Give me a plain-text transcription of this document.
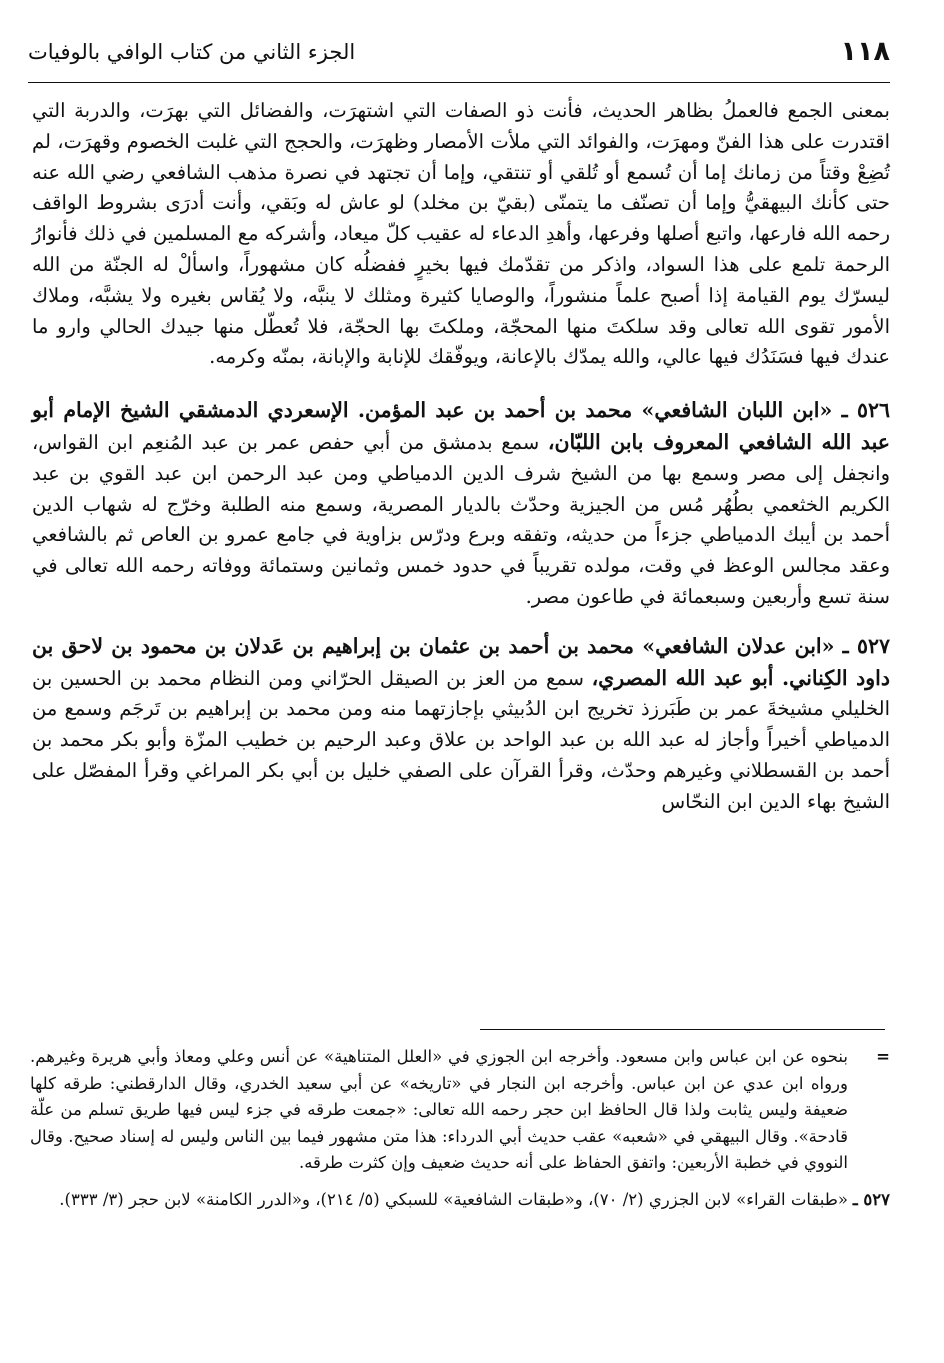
١١٨
الجزء الثاني من كتاب الوافي بالوفيات

بمعنى الجمع فالعملُ بظاهر الحديث، فأنت ذو الصفات التي اشتهرَت، والفضائل التي بهرَت، والدربة التي اقتدرت على هذا الفنّ ومهرَت، والفوائد التي ملأت الأمصار وظهرَت، والحجج التي غلبت الخصوم وقهرَت، لم تُضِعْ وقتاً من زمانك إما أن تُسمع أو تُلقي أو تنتقي، وإما أن تجتهد في نصرة مذهب الشافعي رضي الله عنه حتى كأنك البيهقيُّ وإما أن تصنّف ما يتمنّى (بقيّ بن مخلد) لو عاش له وبَقي، وأنت أدرَى بشروط الواقف رحمه الله فارعها، واتبع أصلها وفرعها، وأهدِ الدعاء له عقيب كلّ ميعاد، وأشركه مع المسلمين في ذلك فأنوارُ الرحمة تلمع على هذا السواد، واذكر من تقدّمك فيها بخيرٍ ففضلُه كان مشهوراً، واسألْ له الجنّة من الله ليسرّك يوم القيامة إذا أصبح علماً منشوراً، والوصايا كثيرة ومثلك لا ينبَّه، ولا يُقاس بغيره ولا يشبَّه، وملاك الأمور تقوى الله تعالى وقد سلكتَ منها المحجّة، وملكتَ بها الحجّة، فلا تُعطّل منها جيدك الحالي وارو ما عندك فيها فسَنَدُك فيها عالي، والله يمدّك بالإعانة، ويوفّقك للإنابة والإبانة، بمنّه وكرمه.

٥٢٦ ـ «ابن اللبان الشافعي» محمد بن أحمد بن عبد المؤمن. الإسعردي الدمشقي الشيخ الإمام أبو عبد الله الشافعي المعروف بابن اللبّان، سمع بدمشق من أبي حفص عمر بن عبد المُنعِم ابن القواس، وانجفل إلى مصر وسمع بها من الشيخ شرف الدين الدمياطي ومن عبد الرحمن ابن عبد القوي بن عبد الكريم الخثعمي بطُهُر مُس من الجيزية وحدّث بالديار المصرية، وسمع منه الطلبة وخرّج له شهاب الدين أحمد بن أيبك الدمياطي جزءاً من حديثه، وتفقه وبرع ودرّس بزاوية في جامع عمرو بن العاص ثم بالشافعي وعقد مجالس الوعظ في وقت، مولده تقريباً في حدود خمس وثمانين وستمائة ووفاته رحمه الله تعالى في سنة تسع وأربعين وسبعمائة في طاعون مصر.

٥٢٧ ـ «ابن عدلان الشافعي» محمد بن أحمد بن عثمان بن إبراهيم بن عَدلان بن محمود بن لاحق بن داود الكِناني. أبو عبد الله المصري، سمع من العز بن الصيقل الحرّاني ومن النظام محمد بن الحسين بن الخليلي مشيخةَ عمر بن طَبَرزذ تخريج ابن الدُبيثي بإجازتهما منه ومن محمد بن إبراهيم بن تَرجَم وسمع من الدمياطي أخيراً وأجاز له عبد الله بن عبد الواحد بن علاق وعبد الرحيم بن خطيب المزّة وأبو بكر محمد بن أحمد بن القسطلاني وغيرهم وحدّث، وقرأ القرآن على الصفي خليل بن أبي بكر المراغي وقرأ المفصّل على الشيخ بهاء الدين ابن النحّاس

=
بنحوه عن ابن عباس وابن مسعود. وأخرجه ابن الجوزي في «العلل المتناهية» عن أنس وعلي ومعاذ وأبي هريرة وغيرهم. ورواه ابن عدي عن ابن عباس. وأخرجه ابن النجار في «تاريخه» عن أبي سعيد الخدري، وقال الدارقطني: طرقه كلها ضعيفة وليس يثابت ولذا قال الحافظ ابن حجر رحمه الله تعالى: «جمعت طرقه في جزء ليس فيها طريق تسلم من علّة قادحة». وقال البيهقي في «شعبه» عقب حديث أبي الدرداء: هذا متن مشهور فيما بين الناس وليس له إسناد صحيح. وقال النووي في خطبة الأربعين: واتفق الحفاظ على أنه حديث ضعيف وإن كثرت طرقه.

٥٢٧ ـ
«طبقات القراء» لابن الجزري (٢/ ٧٠)، و«طبقات الشافعية» للسبكي (٥/ ٢١٤)، و«الدرر الكامنة» لابن حجر (٣/ ٣٣٣).
